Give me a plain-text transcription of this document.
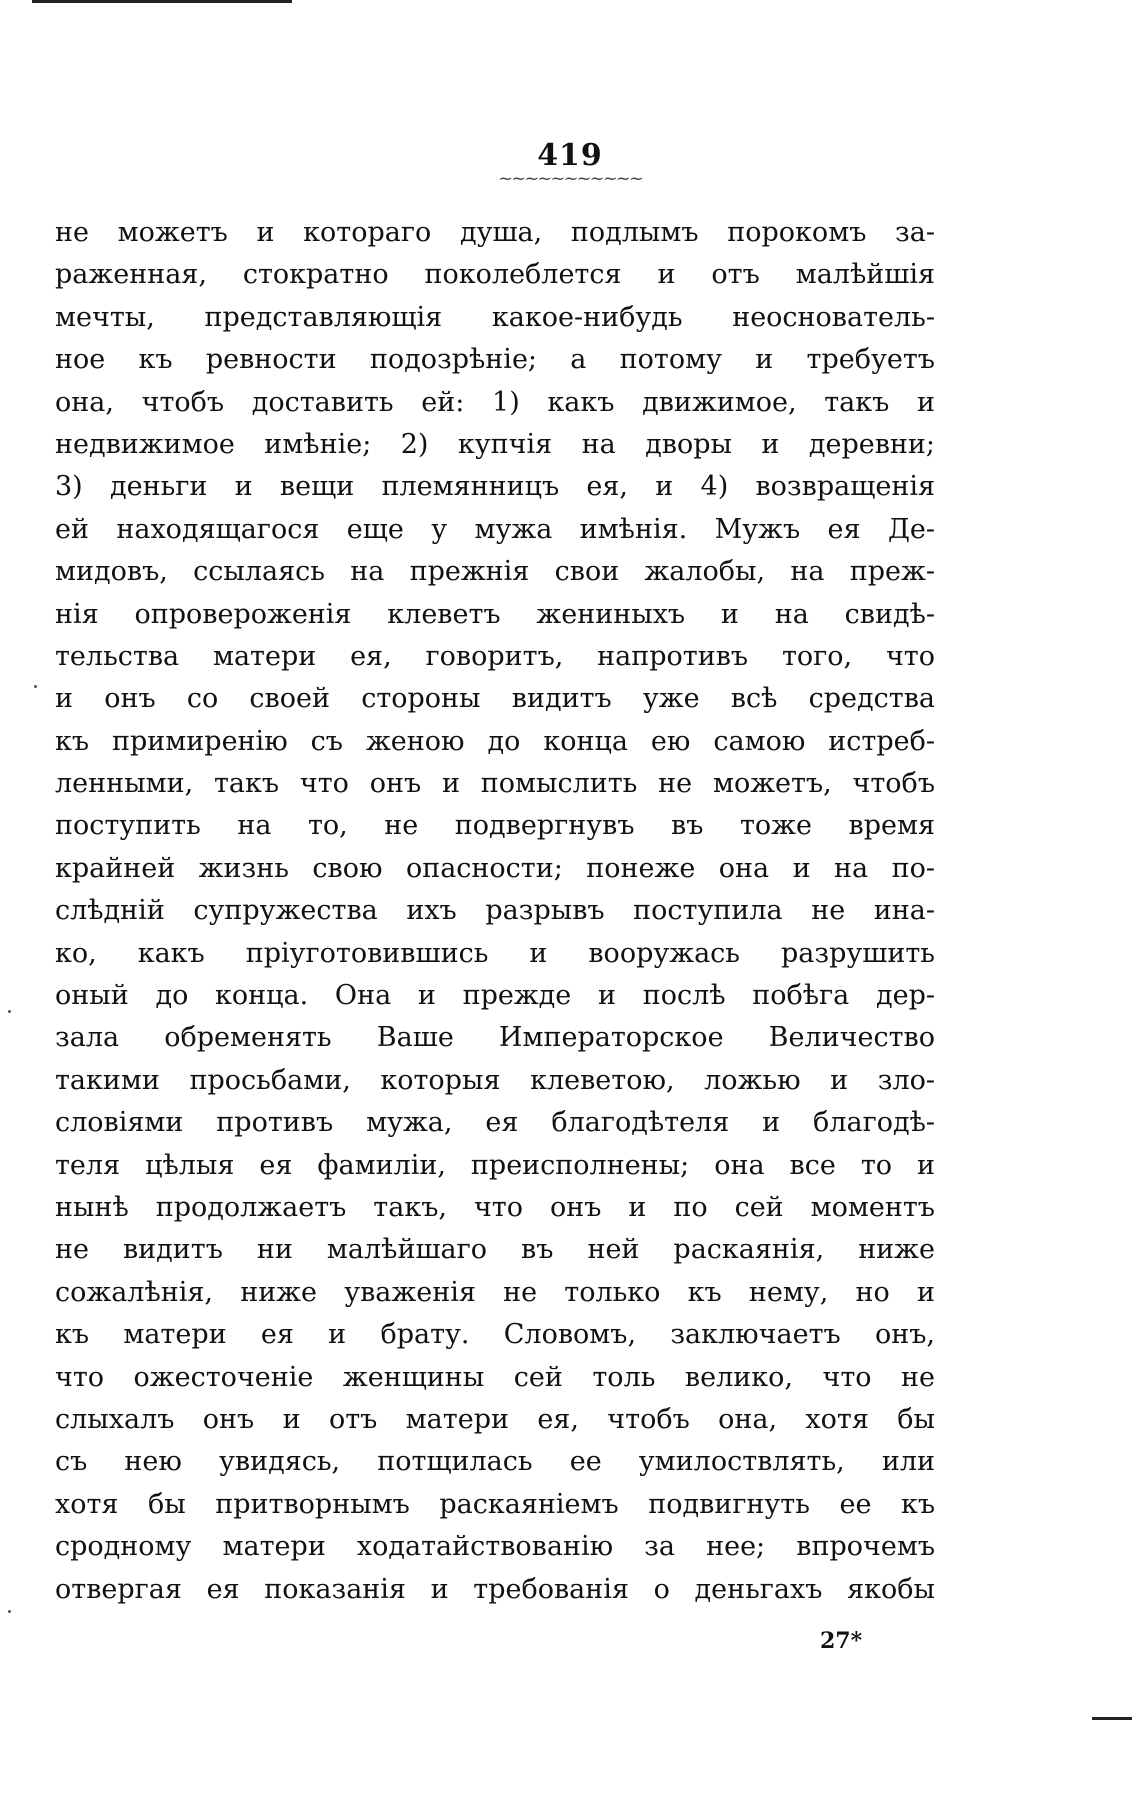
419
~~~~~~~~~~~
не можетъ и котораго душа, подлымъ порокомъ за-
раженная, стократно поколеблется и отъ малѣйшія
мечты, представляющія какое-нибудь неоснователь-
ное къ ревности подозрѣніе; а потому и требуетъ
она, чтобъ доставить ей: 1) какъ движимое, такъ и
недвижимое имѣніе; 2) купчія на дворы и деревни;
3) деньги и вещи племянницъ ея, и 4) возвращенія
ей находящагося еще у мужа имѣнія. Мужъ ея Де-
мидовъ, ссылаясь на прежнія свои жалобы, на преж-
нія опровероженія клеветъ жениныхъ и на свидѣ-
тельства матери ея, говоритъ, напротивъ того, что
и онъ со своей стороны видитъ уже всѣ средства
къ примиренію съ женою до конца ею самою истреб-
ленными, такъ что онъ и помыслить не можетъ, чтобъ
поступить на то, не подвергнувъ въ тоже время
крайней жизнь свою опасности; понеже она и на по-
слѣдній супружества ихъ разрывъ поступила не ина-
ко, какъ пріуготовившись и вооружась разрушить
оный до конца. Она и прежде и послѣ побѣга дер-
зала обременять Ваше Императорское Величество
такими просьбами, которыя клеветою, ложью и зло-
словіями противъ мужа, ея благодѣтеля и благодѣ-
теля цѣлыя ея фамиліи, преисполнены; она все то и
нынѣ продолжаетъ такъ, что онъ и по сей моментъ
не видитъ ни малѣйшаго въ ней раскаянія, ниже
сожалѣнія, ниже уваженія не только къ нему, но и
къ матери ея и брату. Словомъ, заключаетъ онъ,
что ожесточеніе женщины сей толь велико, что не
слыхалъ онъ и отъ матери ея, чтобъ она, хотя бы
съ нею увидясь, потщилась ее умилоствлять, или
хотя бы притворнымъ раскаяніемъ подвигнуть ее къ
сродному матери ходатайствованію за нее; впрочемъ
отвергая ея показанія и требованія о деньгахъ якобы
27*
